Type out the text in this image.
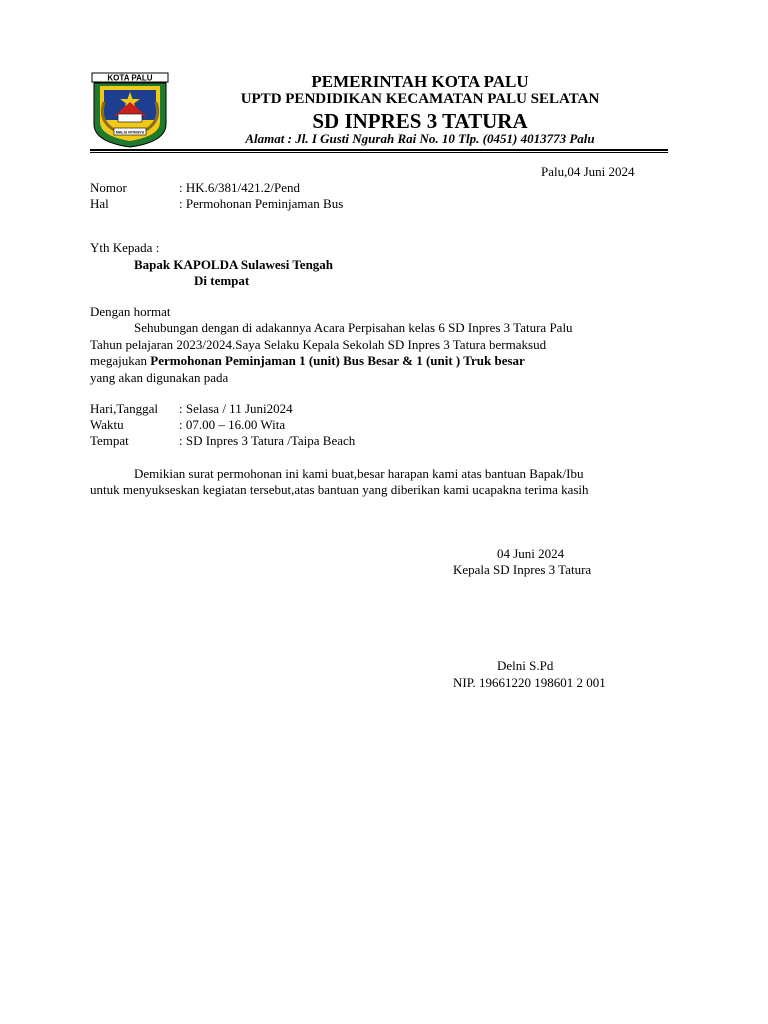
KOTA PALU
MALIU NTINUVU
PEMERINTAH KOTA PALU
UPTD PENDIDIKAN KECAMATAN PALU SELATAN
SD INPRES 3 TATURA
Alamat : Jl. I Gusti Ngurah Rai No. 10 Tlp. (0451) 4013773 Palu
Palu,04 Juni 2024
Nomor	: HK.6/381/421.2/Pend
Hal	: Permohonan Peminjaman Bus
Yth Kepada :
Bapak KAPOLDA Sulawesi Tengah
Di tempat
Dengan hormat
Sehubungan dengan di adakannya Acara Perpisahan kelas 6 SD Inpres 3 Tatura Palu
Tahun pelajaran 2023/2024.Saya Selaku Kepala Sekolah SD Inpres 3 Tatura bermaksud
megajukan Permohonan Peminjaman 1 (unit) Bus Besar & 1 (unit ) Truk besar
yang akan digunakan pada
Hari,Tanggal : Selasa / 11 Juni2024
Waktu	: 07.00 – 16.00 Wita
Tempat	: SD Inpres 3 Tatura /Taipa Beach
Demikian surat permohonan ini kami buat,besar harapan kami atas bantuan Bapak/Ibu
untuk menyukseskan kegiatan tersebut,atas bantuan yang diberikan kami ucapakna terima kasih
04 Juni 2024
Kepala SD Inpres 3 Tatura
Delni S.Pd
NIP. 19661220 198601 2 001
